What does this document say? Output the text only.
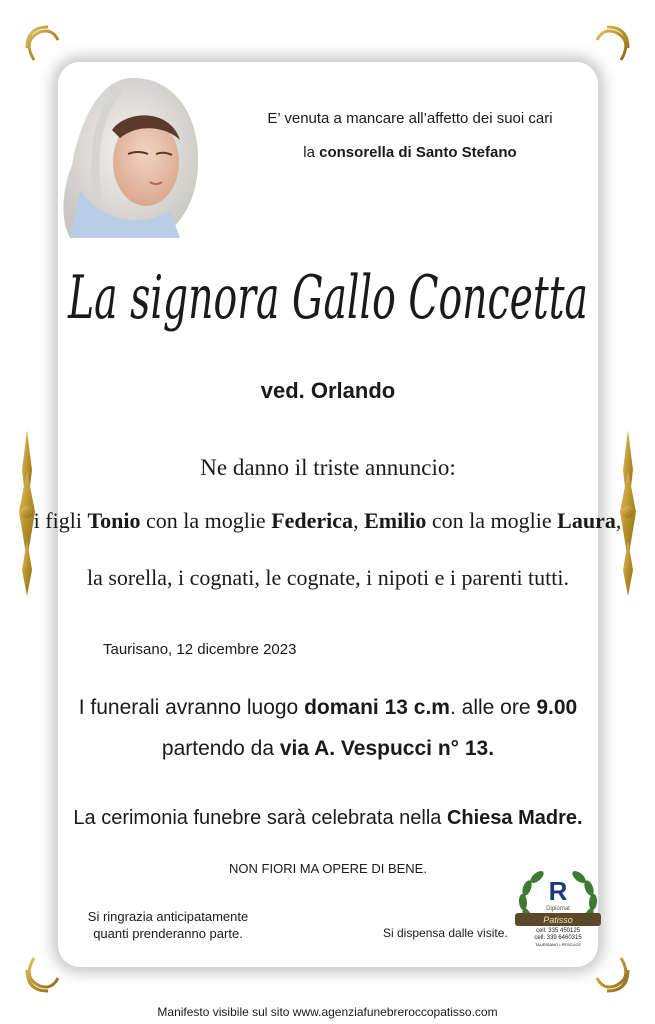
E’ venuta a mancare all’affetto dei suoi cari
la consorella di Santo Stefano
La signora Gallo Concetta
ved. Orlando
Ne danno il triste annuncio:
i figli Tonio con la moglie Federica, Emilio con la moglie Laura,
la sorella, i cognati, le cognate, i nipoti e i parenti tutti.
Taurisano, 12 dicembre 2023
I funerali avranno luogo domani 13 c.m. alle ore 9.00
partendo da via A. Vespucci n° 13.
La cerimonia funebre sarà celebrata nella Chiesa Madre.
NON FIORI MA OPERE DI BENE.
Si ringrazia anticipatamente
quanti prenderanno parte.	Si dispensa dalle visite.
R
Diplomat
Patisso
cell. 335 450125
cell. 339 6460315
TAURISANO • PESCUCE
Manifesto visibile sul sito www.agenziafunebreroccopatisso.com
